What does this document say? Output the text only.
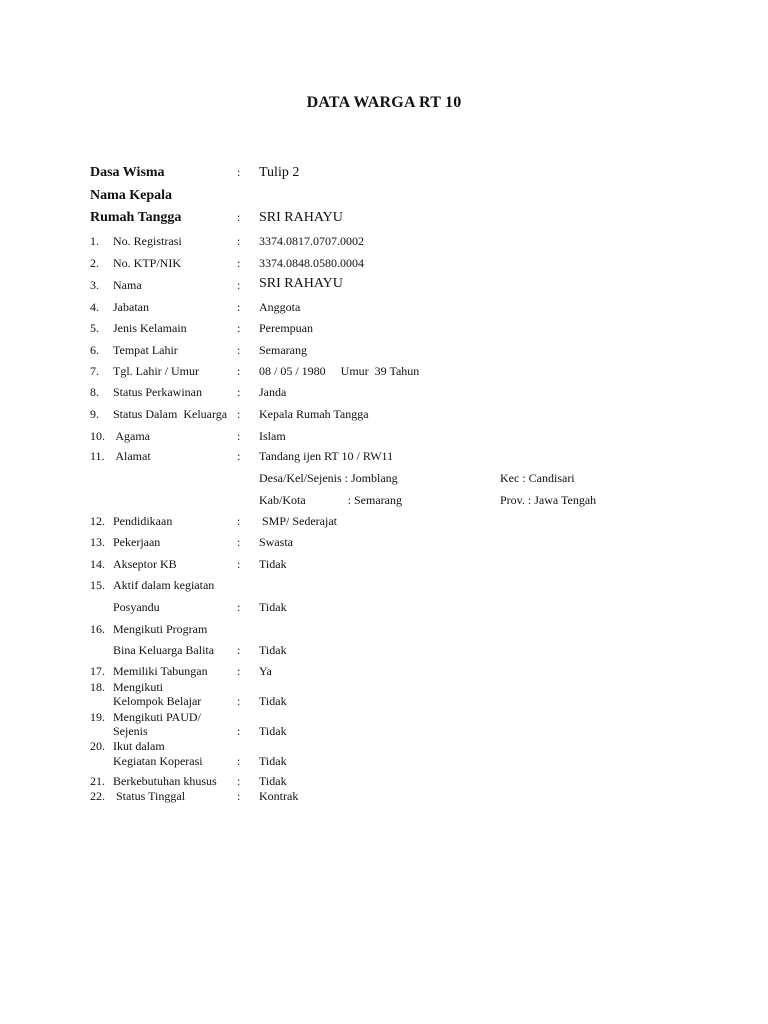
DATA WARGA RT 10
Dasa Wisma	: Tulip 2
Nama Kepala
Rumah Tangga	: SRI RAHAYU
1. No. Registrasi	: 3374.0817.0707.0002
2. No. KTP/NIK	: 3374.0848.0580.0004
3. Nama	: SRI RAHAYU
4. Jabatan	: Anggota
5. Jenis Kelamain	: Perempuan
6. Tempat Lahir	: Semarang
7. Tgl. Lahir / Umur	: 08 / 05 / 1980     Umur  39 Tahun
8. Status Perkawinan	: Janda
9. Status Dalam  Keluarga : Kepala Rumah Tangga
10. Agama	: Islam
11. Alamat	: Tandang ijen RT 10 / RW11
Desa/Kel/Sejenis : Jomblang	Kec : Candisari
Kab/Kota              : Semarang	Prov. : Jawa Tengah
12. Pendidikaan	: SMP/ Sederajat
13. Pekerjaan	: Swasta
14. Akseptor KB	: Tidak
15. Aktif dalam kegiatan
Posyandu	: Tidak
16. Mengikuti Program
Bina Keluarga Balita : Tidak
17. Memiliki Tabungan : Ya
18. Mengikuti
Kelompok Belajar	: Tidak
19. Mengikuti PAUD/
Sejenis	: Tidak
20. Ikut dalam
Kegiatan Koperasi	: Tidak
21. Berkebutuhan khusus : Tidak
22. Status Tinggal	: Kontrak
